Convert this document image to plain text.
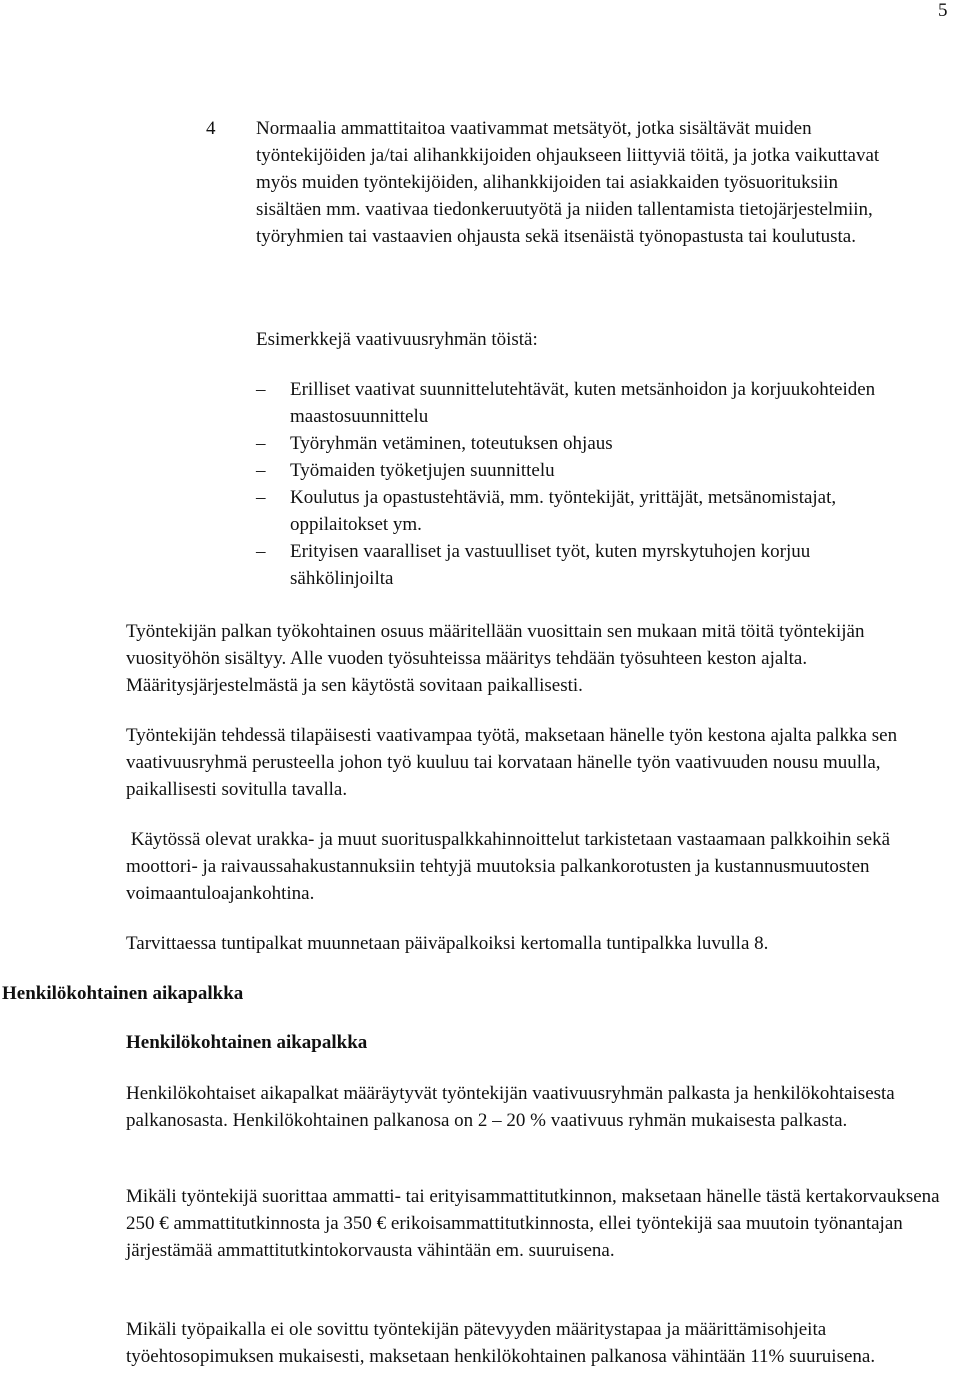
5
4 Normaalia ammattitaitoa vaativammat metsätyöt, jotka sisältävät muiden työntekijöiden ja/tai alihankkijoiden ohjaukseen liittyviä töitä, ja jotka vaikuttavat myös muiden työntekijöiden, alihankkijoiden tai asiakkaiden työsuorituksiin sisältäen mm. vaativaa tiedonkeruutyötä ja niiden tallentamista tietojärjestelmiin, työryhmien tai vastaavien ohjausta sekä itsenäistä työnopastusta tai koulutusta.
Esimerkkejä vaativuusryhmän töistä:
–	Erilliset vaativat suunnittelutehtävät, kuten metsänhoidon ja korjuukohteiden maastosuunnittelu
–	Työryhmän vetäminen, toteutuksen ohjaus
–	Työmaiden työketjujen suunnittelu
–	Koulutus ja opastustehtäviä, mm. työntekijät, yrittäjät, metsänomistajat, oppilaitokset ym.
–	Erityisen vaaralliset ja vastuulliset työt, kuten myrskytuhojen korjuu sähkölinjoilta

Työntekijän palkan työkohtainen osuus määritellään vuosittain sen mukaan mitä töitä työntekijän vuosityöhön sisältyy. Alle vuoden työsuhteissa määritys tehdään työsuhteen keston ajalta. Määritysjärjestelmästä ja sen käytöstä sovitaan paikallisesti.

Työntekijän tehdessä tilapäisesti vaativampaa työtä, maksetaan hänelle työn kestona ajalta palkka sen vaativuusryhmä perusteella johon työ kuuluu tai korvataan hänelle työn vaativuuden nousu muulla, paikallisesti sovitulla tavalla.

Käytössä olevat urakka- ja muut suorituspalkkahinnoittelut tarkistetaan vastaamaan palkkoihin sekä moottori- ja raivaussahakustannuksiin tehtyjä muutoksia palkankorotusten ja kustannusmuutosten voimaantuloajankohtina.

Tarvittaessa tuntipalkat muunnetaan päiväpalkoiksi kertomalla tuntipalkka luvulla 8.

Henkilökohtainen aikapalkka
Henkilökohtainen aikapalkka

Henkilökohtaiset aikapalkat määräytyvät työntekijän vaativuusryhmän palkasta ja henkilökohtaisesta palkanosasta. Henkilökohtainen palkanosa on 2 – 20 % vaativuus ryhmän mukaisesta palkasta.

Mikäli työntekijä suorittaa ammatti- tai erityisammattitutkinnon, maksetaan hänelle tästä kertakorvauksena 250 € ammattitutkinnosta ja 350 € erikoisammattitutkinnosta, ellei työntekijä saa muutoin työnantajan järjestämää ammattitutkintokorvausta vähintään em. suuruisena.

Mikäli työpaikalla ei ole sovittu työntekijän pätevyyden määritystapaa ja määrittämisohjeita työehtosopimuksen mukaisesti, maksetaan henkilökohtainen palkanosa vähintään 11% suuruisena.
